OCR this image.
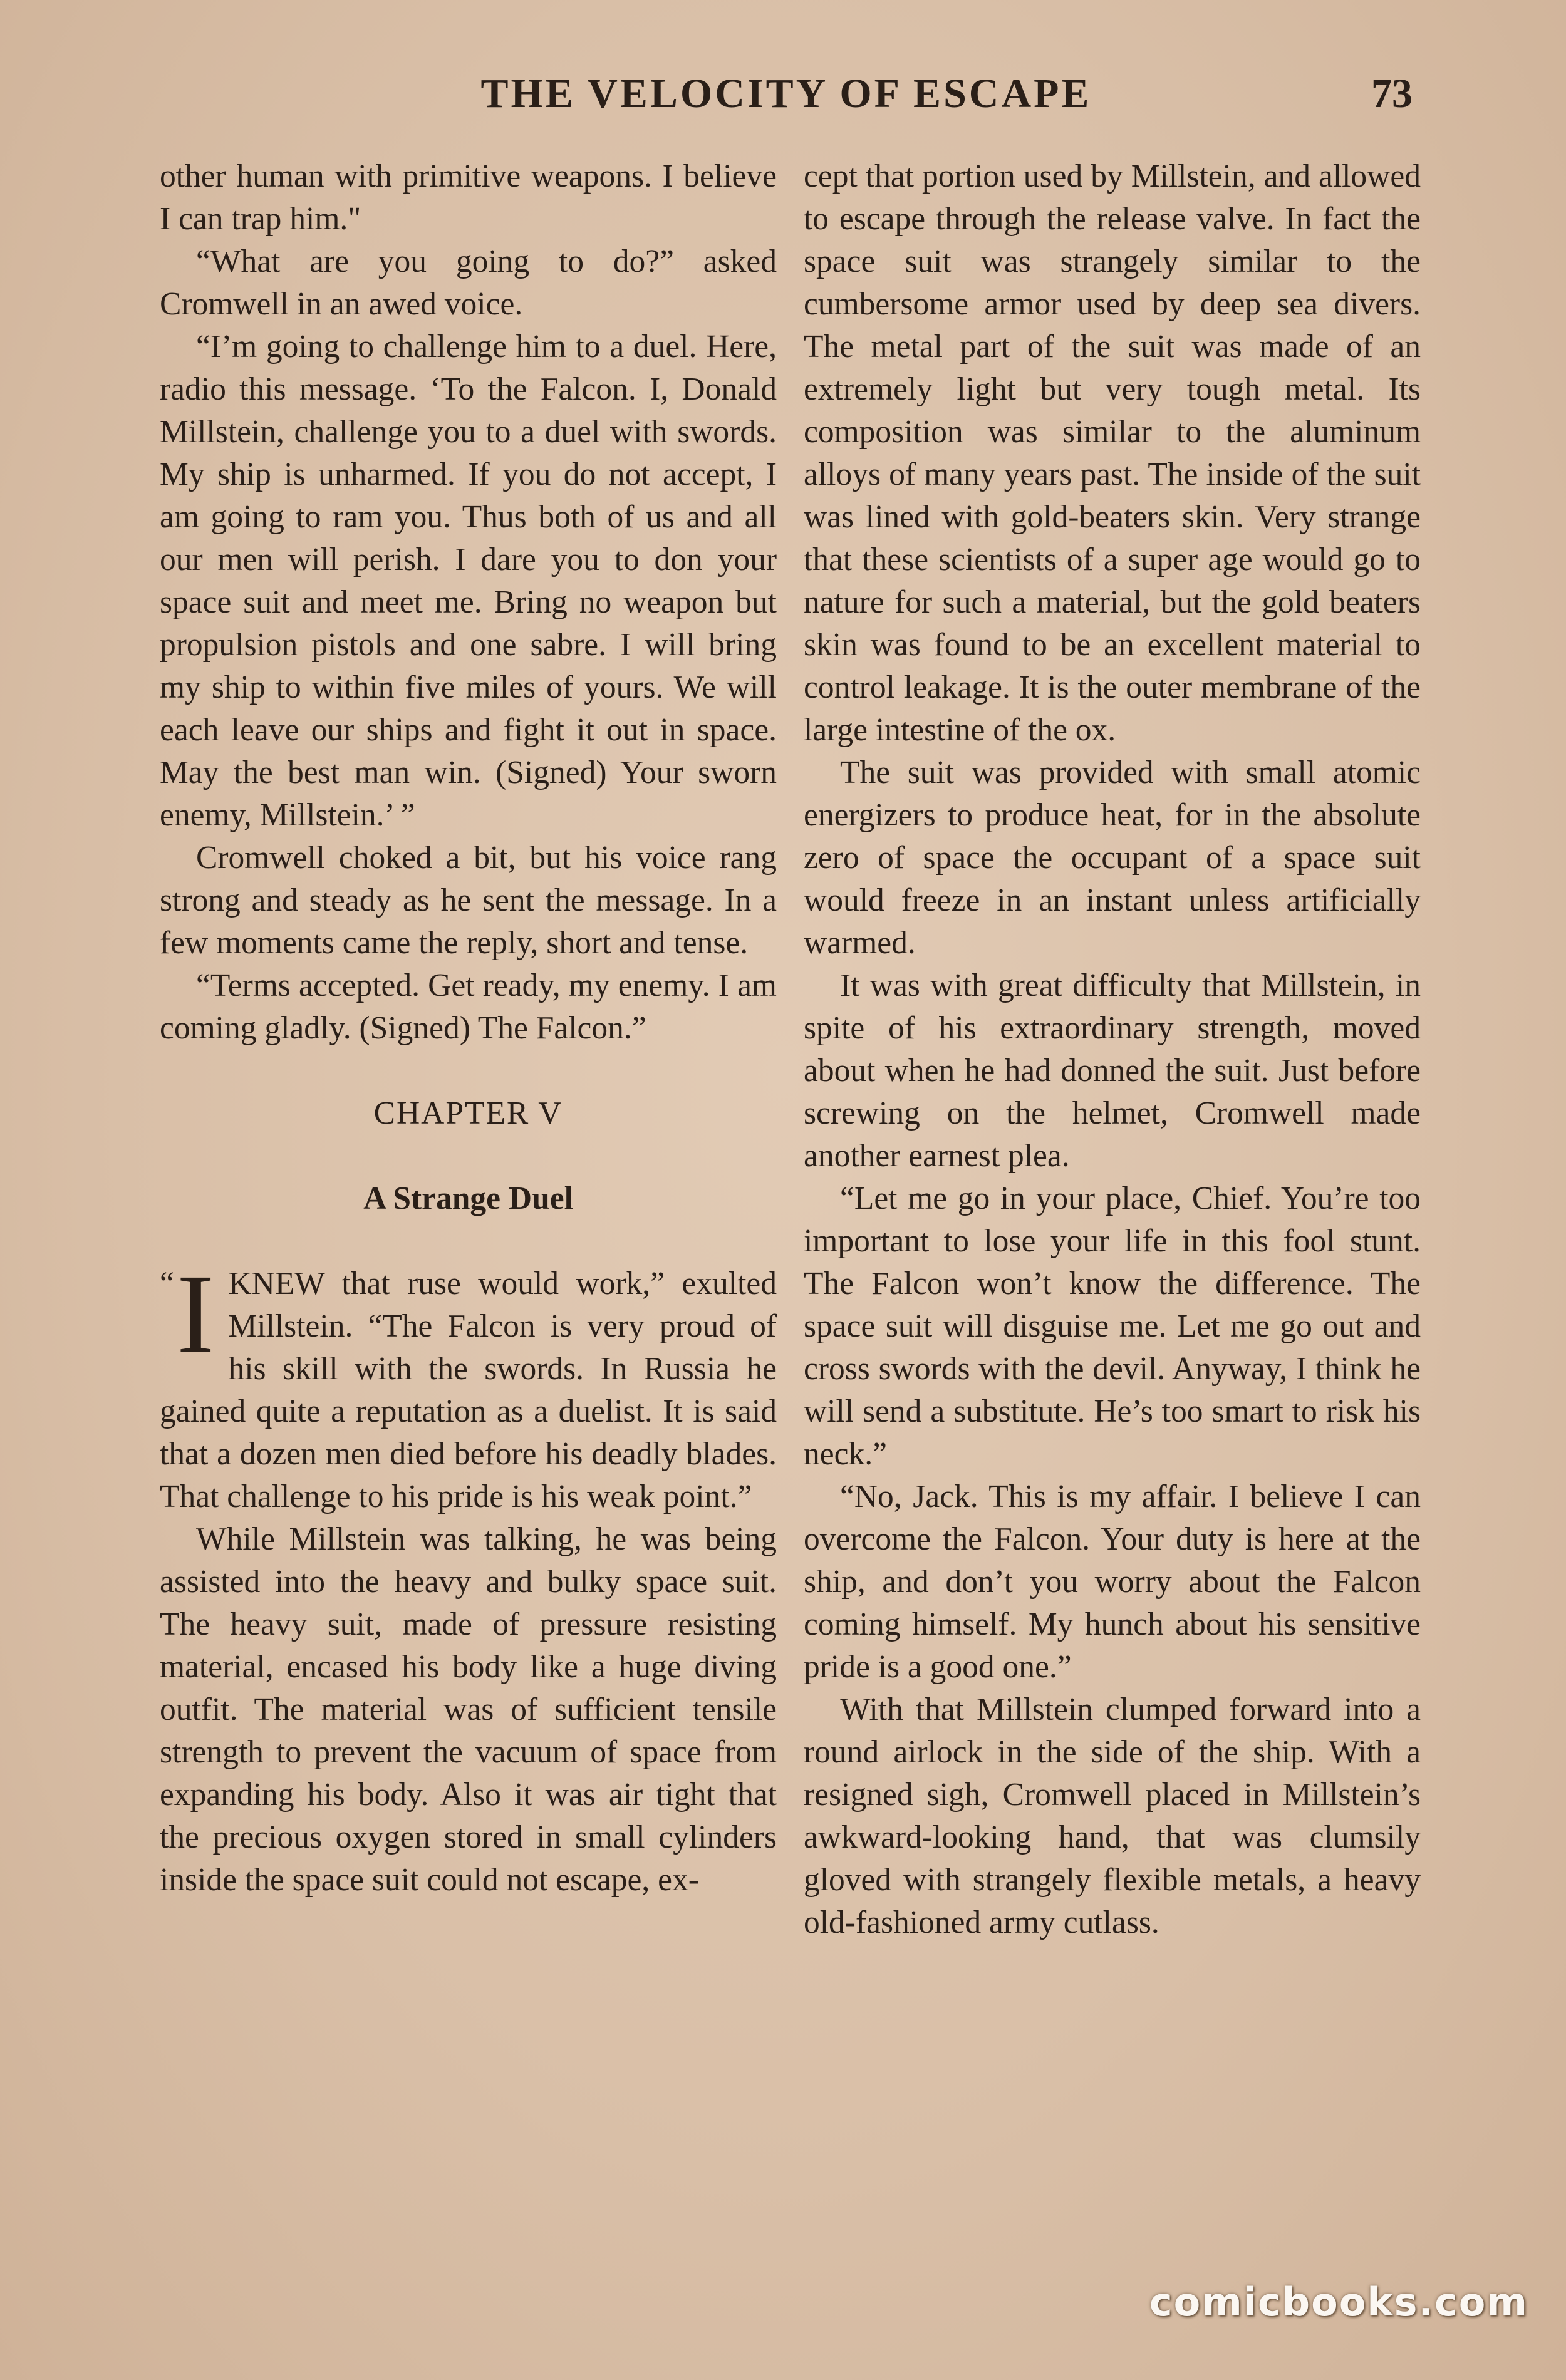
THE VELOCITY OF ESCAPE	73

other human with primitive weapons. I believe I can trap him."

“What are you going to do?” asked Cromwell in an awed voice.

“I’m going to challenge him to a duel. Here, radio this message. ‘To the Falcon. I, Donald Millstein, challenge you to a duel with swords. My ship is unharmed. If you do not accept, I am going to ram you. Thus both of us and all our men will perish. I dare you to don your space suit and meet me. Bring no weapon but propulsion pistols and one sabre. I will bring my ship to within five miles of yours. We will each leave our ships and fight it out in space. May the best man win. (Signed) Your sworn enemy, Millstein.’ ”

Cromwell choked a bit, but his voice rang strong and steady as he sent the message. In a few moments came the reply, short and tense.

“Terms accepted. Get ready, my enemy. I am coming gladly. (Signed) The Falcon.”

CHAPTER V

A Strange Duel

“ I KNEW that ruse would work,” exulted Millstein. “The Falcon is very proud of his skill with the swords. In Russia he gained quite a reputation as a duelist. It is said that a dozen men died before his deadly blades. That challenge to his pride is his weak point.”

While Millstein was talking, he was being assisted into the heavy and bulky space suit. The heavy suit, made of pressure resisting material, encased his body like a huge diving outfit. The material was of sufficient tensile strength to prevent the vacuum of space from expanding his body. Also it was air tight that the precious oxygen stored in small cylinders inside the space suit could not escape, ex-

cept that portion used by Millstein, and allowed to escape through the release valve. In fact the space suit was strangely similar to the cumbersome armor used by deep sea divers. The metal part of the suit was made of an extremely light but very tough metal. Its composition was similar to the aluminum alloys of many years past. The inside of the suit was lined with gold-beaters skin. Very strange that these scientists of a super age would go to nature for such a material, but the gold beaters skin was found to be an excellent material to control leakage. It is the outer membrane of the large intestine of the ox.

The suit was provided with small atomic energizers to produce heat, for in the absolute zero of space the occupant of a space suit would freeze in an instant unless artificially warmed.

It was with great difficulty that Millstein, in spite of his extraordinary strength, moved about when he had donned the suit. Just before screwing on the helmet, Cromwell made another earnest plea.

“Let me go in your place, Chief. You’re too important to lose your life in this fool stunt. The Falcon won’t know the difference. The space suit will disguise me. Let me go out and cross swords with the devil. Anyway, I think he will send a substitute. He’s too smart to risk his neck.”

“No, Jack. This is my affair. I believe I can overcome the Falcon. Your duty is here at the ship, and don’t you worry about the Falcon coming himself. My hunch about his sensitive pride is a good one.”

With that Millstein clumped forward into a round airlock in the side of the ship. With a resigned sigh, Cromwell placed in Millstein’s awkward-looking hand, that was clumsily gloved with strangely flexible metals, a heavy old-fashioned army cutlass.

comicbooks.com
